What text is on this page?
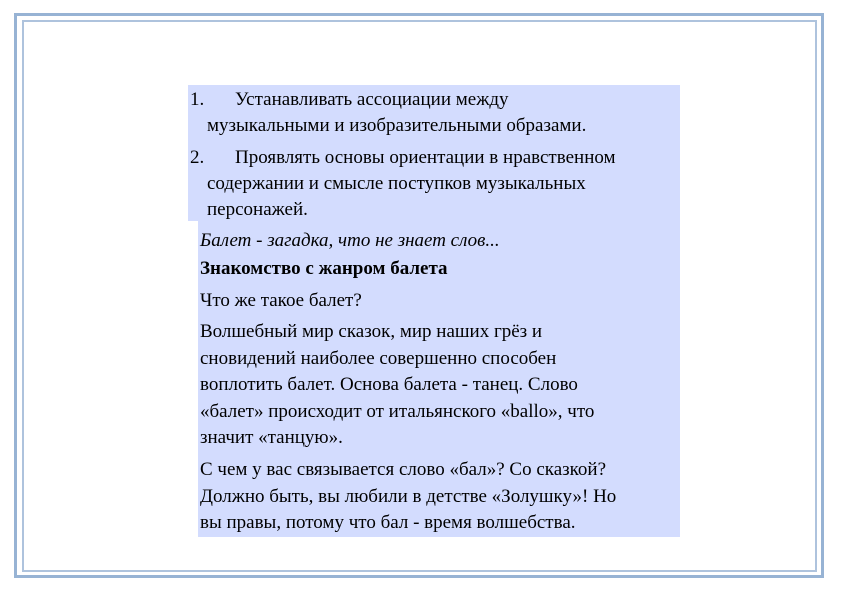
1.	Устанавливать ассоциации между
музыкальными и изобразительными образами.
2.	Проявлять основы ориентации в нравственном
содержании и смысле поступков музыкальных
персонажей.
Балет - загадка, что не знает слов...
Знакомство с жанром балета
Что же такое балет?
Волшебный мир сказок, мир наших грёз и
сновидений наиболее совершенно способен
воплотить балет. Основа балета - танец. Слово
«балет» происходит от итальянского «ballo», что
значит «танцую».
С чем у вас связывается слово «бал»? Со сказкой?
Должно быть, вы любили в детстве «Золушку»! Но
вы правы, потому что бал - время волшебства.
